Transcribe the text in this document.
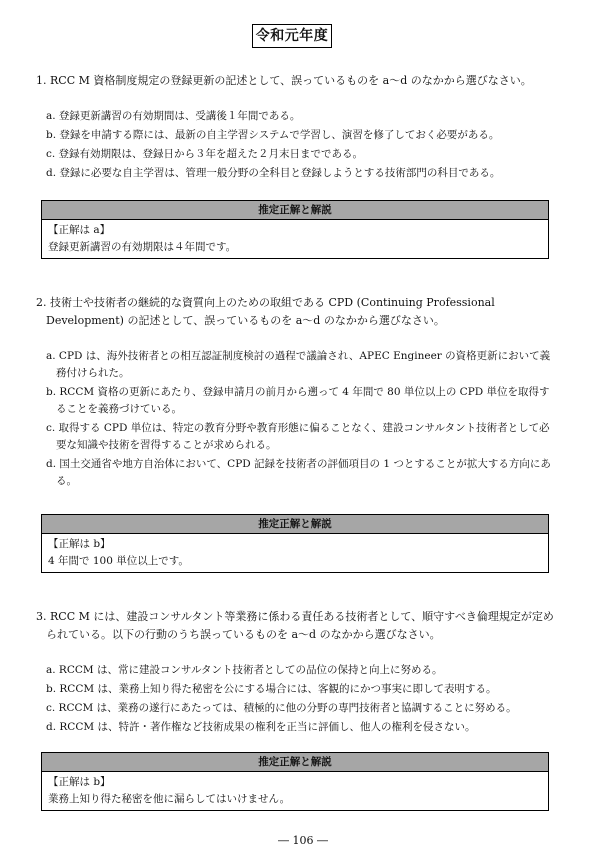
令和元年度

1. RCC M 資格制度規定の登録更新の記述として、誤っているものを a～d のなかから選びなさい。

a. 登録更新講習の有効期間は、受講後１年間である。

b. 登録を申請する際には、最新の自主学習システムで学習し、演習を修了しておく必要がある。

c. 登録有効期限は、登録日から３年を超えた２月末日までである。

d. 登録に必要な自主学習は、管理一般分野の全科目と登録しようとする技術部門の科目である。

推定正解と解説
【正解は a】
登録更新講習の有効期限は４年間です。

2. 技術士や技術者の継続的な資質向上のための取組である CPD (Continuing Professional Development) の記述として、誤っているものを a～d のなかから選びなさい。

a. CPD は、海外技術者との相互認証制度検討の過程で議論され、APEC Engineer の資格更新において義務付けられた。

b. RCCM 資格の更新にあたり、登録申請月の前月から遡って 4 年間で 80 単位以上の CPD 単位を取得することを義務づけている。

c. 取得する CPD 単位は、特定の教育分野や教育形態に偏ることなく、建設コンサルタント技術者として必要な知識や技術を習得することが求められる。

d. 国土交通省や地方自治体において、CPD 記録を技術者の評価項目の 1 つとすることが拡大する方向にある。

推定正解と解説
【正解は b】
4 年間で 100 単位以上です。

3. RCC M には、建設コンサルタント等業務に係わる責任ある技術者として、順守すべき倫理規定が定められている。以下の行動のうち誤っているものを a～d のなかから選びなさい。

a. RCCM は、常に建設コンサルタント技術者としての品位の保持と向上に努める。

b. RCCM は、業務上知り得た秘密を公にする場合には、客観的にかつ事実に即して表明する。

c. RCCM は、業務の遂行にあたっては、積極的に他の分野の専門技術者と協調することに努める。

d. RCCM は、特許・著作権など技術成果の権利を正当に評価し、他人の権利を侵さない。

推定正解と解説
【正解は b】
業務上知り得た秘密を他に漏らしてはいけません。
― 106 ―
